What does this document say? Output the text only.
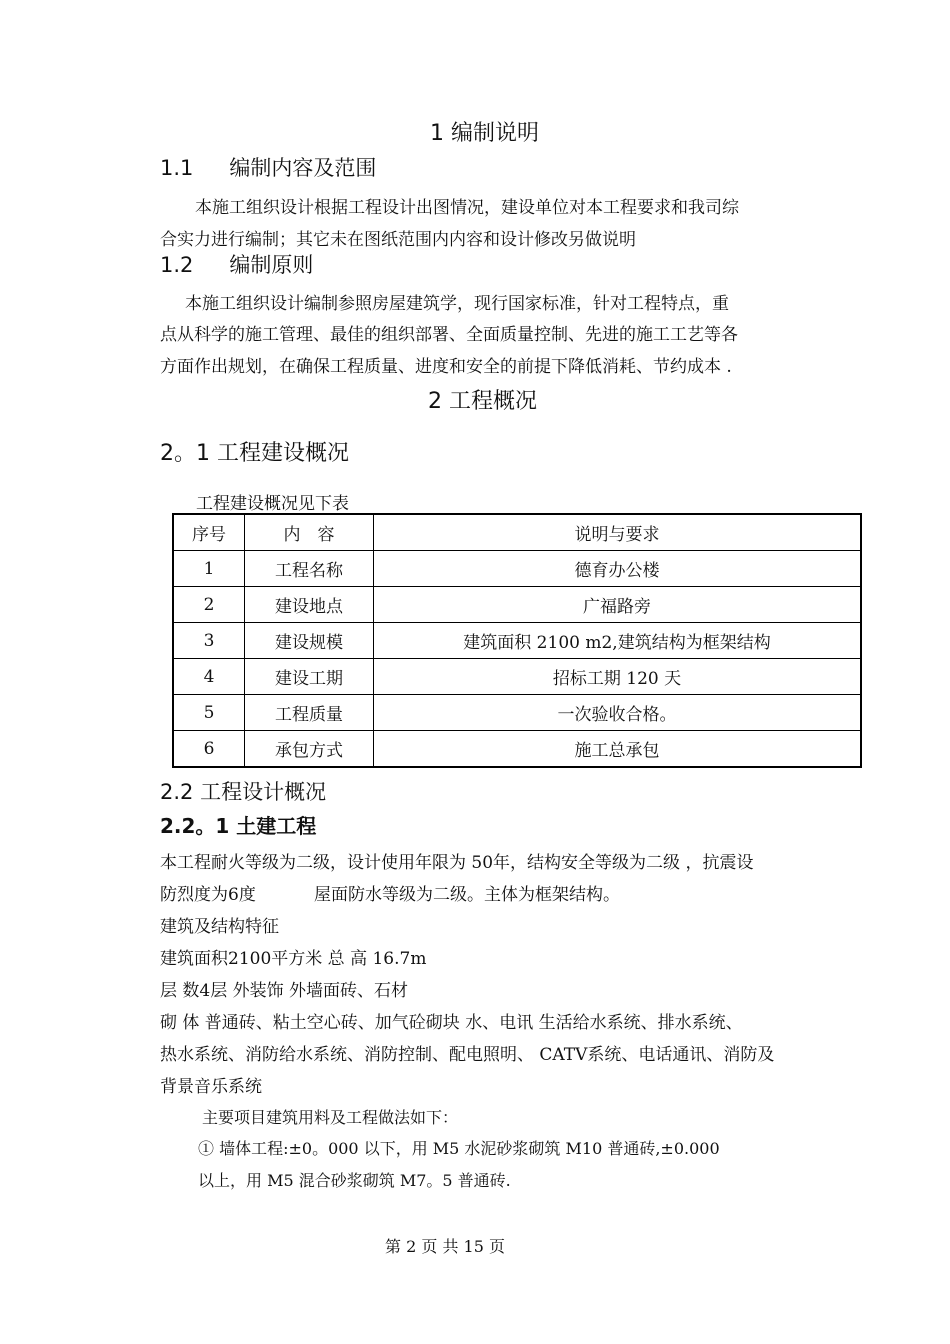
1 编制说明
1.1 编制内容及范围
本施工组织设计根据工程设计出图情况，建设单位对本工程要求和我司综
合实力进行编制；其它未在图纸范围内内容和设计修改另做说明
1.2 编制原则
本施工组织设计编制参照房屋建筑学，现行国家标准，针对工程特点，重
点从科学的施工管理、最佳的组织部署、全面质量控制、先进的施工工艺等各
方面作出规划，在确保工程质量、进度和安全的前提下降低消耗、节约成本 .
2 工程概况
2。1 工程建设概况
工程建设概况见下表
序号	内　容	说明与要求
1	工程名称	德育办公楼
2	建设地点	广福路旁
3	建设规模	建筑面积 2100 m2,建筑结构为框架结构
4	建设工期	招标工期 120 天
5	工程质量	一次验收合格。
6	承包方式	施工总承包
2.2 工程设计概况
2.2。1 土建工程
本工程耐火等级为二级，设计使用年限为 50年，结构安全等级为二级 ，抗震设
防烈度为6度	屋面防水等级为二级。主体为框架结构。
建筑及结构特征
建筑面积2100平方米 总 高 16.7m
层 数4层 外装饰 外墙面砖、石材
砌 体 普通砖、粘土空心砖、加气砼砌块 水、电讯 生活给水系统、排水系统、
热水系统、消防给水系统、消防控制、配电照明、 CATV系统、电话通讯、消防及
背景音乐系统
主要项目建筑用料及工程做法如下：
① 墙体工程:±0。000 以下，用 M5 水泥砂浆砌筑 M10 普通砖,±0.000
以上，用 M5 混合砂浆砌筑 M7。5 普通砖.
第 2 页 共 15 页
